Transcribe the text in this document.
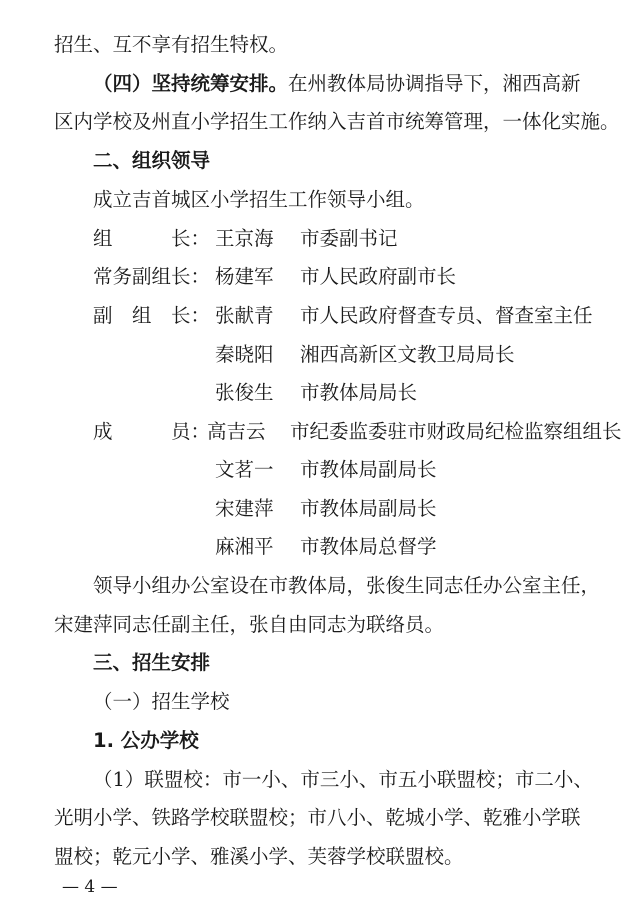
招生、互不享有招生特权。
（四）坚持统筹安排。在州教体局协调指导下，湘西高新
区内学校及州直小学招生工作纳入吉首市统筹管理，一体化实施。
二、组织领导
成立吉首城区小学招生工作领导小组。
组　　　长： 王京海 市委副书记
常务副组长： 杨建军 市人民政府副市长
副　组　长： 张献青 市人民政府督查专员、督查室主任
秦晓阳 湘西高新区文教卫局局长
张俊生 市教体局局长
成　　　员：
高吉云 市纪委监委驻市财政局纪检监察组组长
文茗一 市教体局副局长
宋建萍 市教体局副局长
麻湘平 市教体局总督学
领导小组办公室设在市教体局，张俊生同志任办公室主任，
宋建萍同志任副主任，张自由同志为联络员。
三、招生安排
（一）招生学校
1. 公办学校
（1）联盟校：市一小、市三小、市五小联盟校；市二小、
光明小学、铁路学校联盟校；市八小、乾城小学、乾雅小学联
盟校；乾元小学、雅溪小学、芙蓉学校联盟校。
— 4 —
